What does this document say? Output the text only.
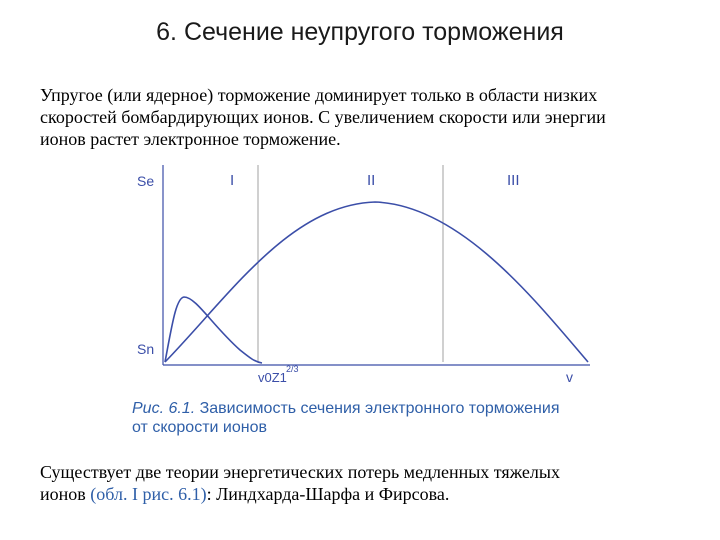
6. Сечение неупругого торможения
Упругое (или ядерное) торможение доминирует только в области низких
скоростей бомбардирующих ионов. С увеличением скорости или энергии
ионов растет электронное торможение.
Se
Sn
I	II	III
v0Z1
2/3	v
Рис. 6.1. Зависимость сечения электронного торможения
от скорости ионов
Существует две теории энергетических потерь медленных тяжелых
ионов (обл. I рис. 6.1): Линдхарда-Шарфа и Фирсова.
